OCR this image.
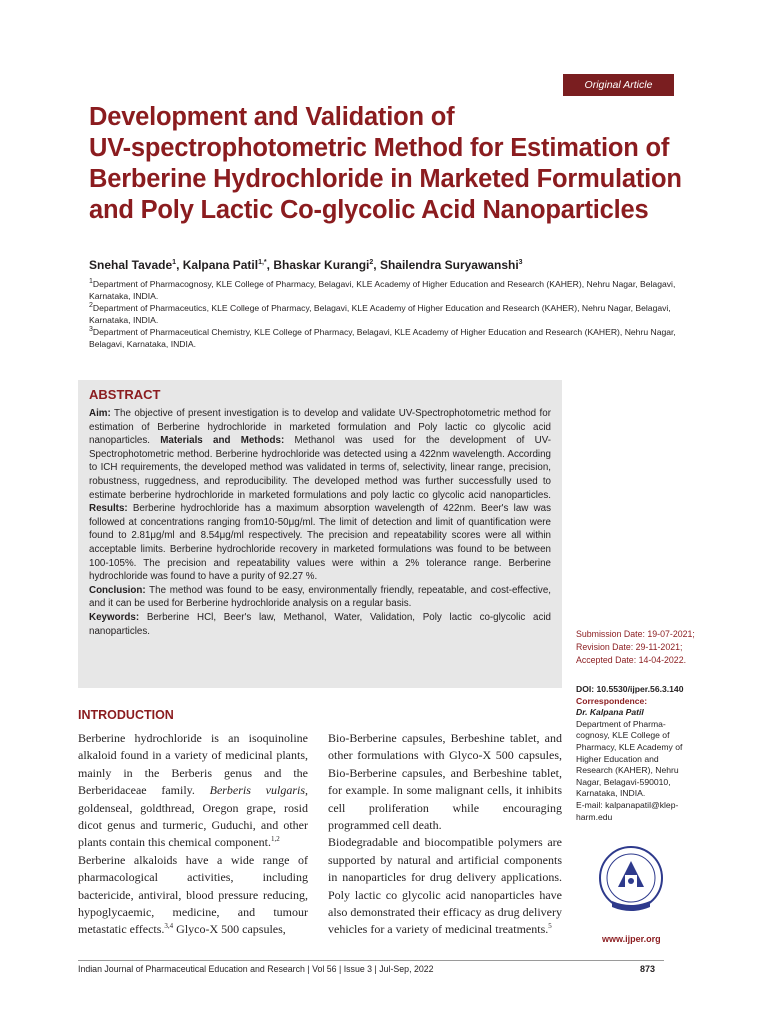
Original Article
Development and Validation of
UV-spectrophotometric Method for Estimation of
Berberine Hydrochloride in Marketed Formulation
and Poly Lactic Co-glycolic Acid Nanoparticles
Snehal Tavade$^1$, Kalpana Patil$^{1,*}$, Bhaskar Kurangi$^2$, Shailendra Suryawanshi$^3$
$^1$Department of Pharmacognosy, KLE College of Pharmacy, Belagavi, KLE Academy of Higher Education and Research (KAHER), Nehru Nagar, Belagavi, Karnataka, INDIA.
$^2$Department of Pharmaceutics, KLE College of Pharmacy, Belagavi, KLE Academy of Higher Education and Research (KAHER), Nehru Nagar, Belagavi, Karnataka, INDIA.
$^3$Department of Pharmaceutical Chemistry, KLE College of Pharmacy, Belagavi, KLE Academy of Higher Education and Research (KAHER), Nehru Nagar, Belagavi, Karnataka, INDIA.
ABSTRACT

Aim: The objective of present investigation is to develop and validate UV-Spectrophotometric method for estimation of Berberine hydrochloride in marketed formulation and Poly lactic co glycolic acid nanoparticles. Materials and Methods: Methanol was used for the development of UV-Spectrophotometric method. Berberine hydrochloride was detected using a 422nm wavelength. According to ICH requirements, the developed method was validated in terms of, selectivity, linear range, precision, robustness, ruggedness, and reproducibility. The developed method was further successfully used to estimate berberine hydrochloride in marketed formulations and poly lactic co glycolic acid nanoparticles. Results: Berberine hydrochloride has a maximum absorption wavelength of 422nm. Beer's law was followed at concentrations ranging from10-50μg/ml. The limit of detection and limit of quantification were found to 2.81μg/ml and 8.54μg/ml respectively. The precision and repeatability scores were all within acceptable limits. Berberine hydrochloride recovery in marketed formulations was found to be between 100-105%. The precision and repeatability values were within a 2% tolerance range. Berberine hydrochloride was found to have a purity of 92.27 %.

Conclusion: The method was found to be easy, environmentally friendly, repeatable, and cost-effective, and it can be used for Berberine hydrochloride analysis on a regular basis.

Keywords: Berberine HCl, Beer's law, Methanol, Water, Validation, Poly lactic co-glycolic acid nanoparticles.	Submission Date: 19-07-2021;
Revision Date: 29-11-2021;
Accepted Date: 14-04-2022.
DOI: 10.5530/ijper.56.3.140
Correspondence:
Dr. Kalpana Patil
Department of Pharma-cognosy, KLE College of Pharmacy, KLE Academy of Higher Education and Research (KAHER), Nehru Nagar, Belagavi-590010, Karnataka, INDIA.
E-mail: kalpanapatil@klep-harm.edu
INTRODUCTION

Berberine hydrochloride is an isoquinoline alkaloid found in a variety of medicinal plants, mainly in the Berberis genus and the Berberidaceae family. Berberis vulgaris, goldenseal, goldthread, Oregon grape, rosid dicot genus and turmeric, Guduchi, and other plants contain this chemical component.$^{1,2}$

Berberine alkaloids have a wide range of pharmacological activities, including bactericide, antiviral, blood pressure reducing, hypoglycaemic, medicine, and tumour metastatic effects.$^{3,4}$ Glyco-X 500 capsules,

Bio-Berberine capsules, Berbeshine tablet, and other formulations with Glyco-X 500 capsules, Bio-Berberine capsules, and Berbeshine tablet, for example. In some malignant cells, it inhibits cell proliferation while encouraging programmed cell death.

Biodegradable and biocompatible polymers are supported by natural and artificial components in nanoparticles for drug delivery applications. Poly lactic co glycolic acid nanoparticles have also demonstrated their efficacy as drug delivery vehicles for a variety of medicinal treatments.$^5$

www.ijper.org
Indian Journal of Pharmaceutical Education and Research | Vol 56 | Issue 3 | Jul-Sep, 2022	873
